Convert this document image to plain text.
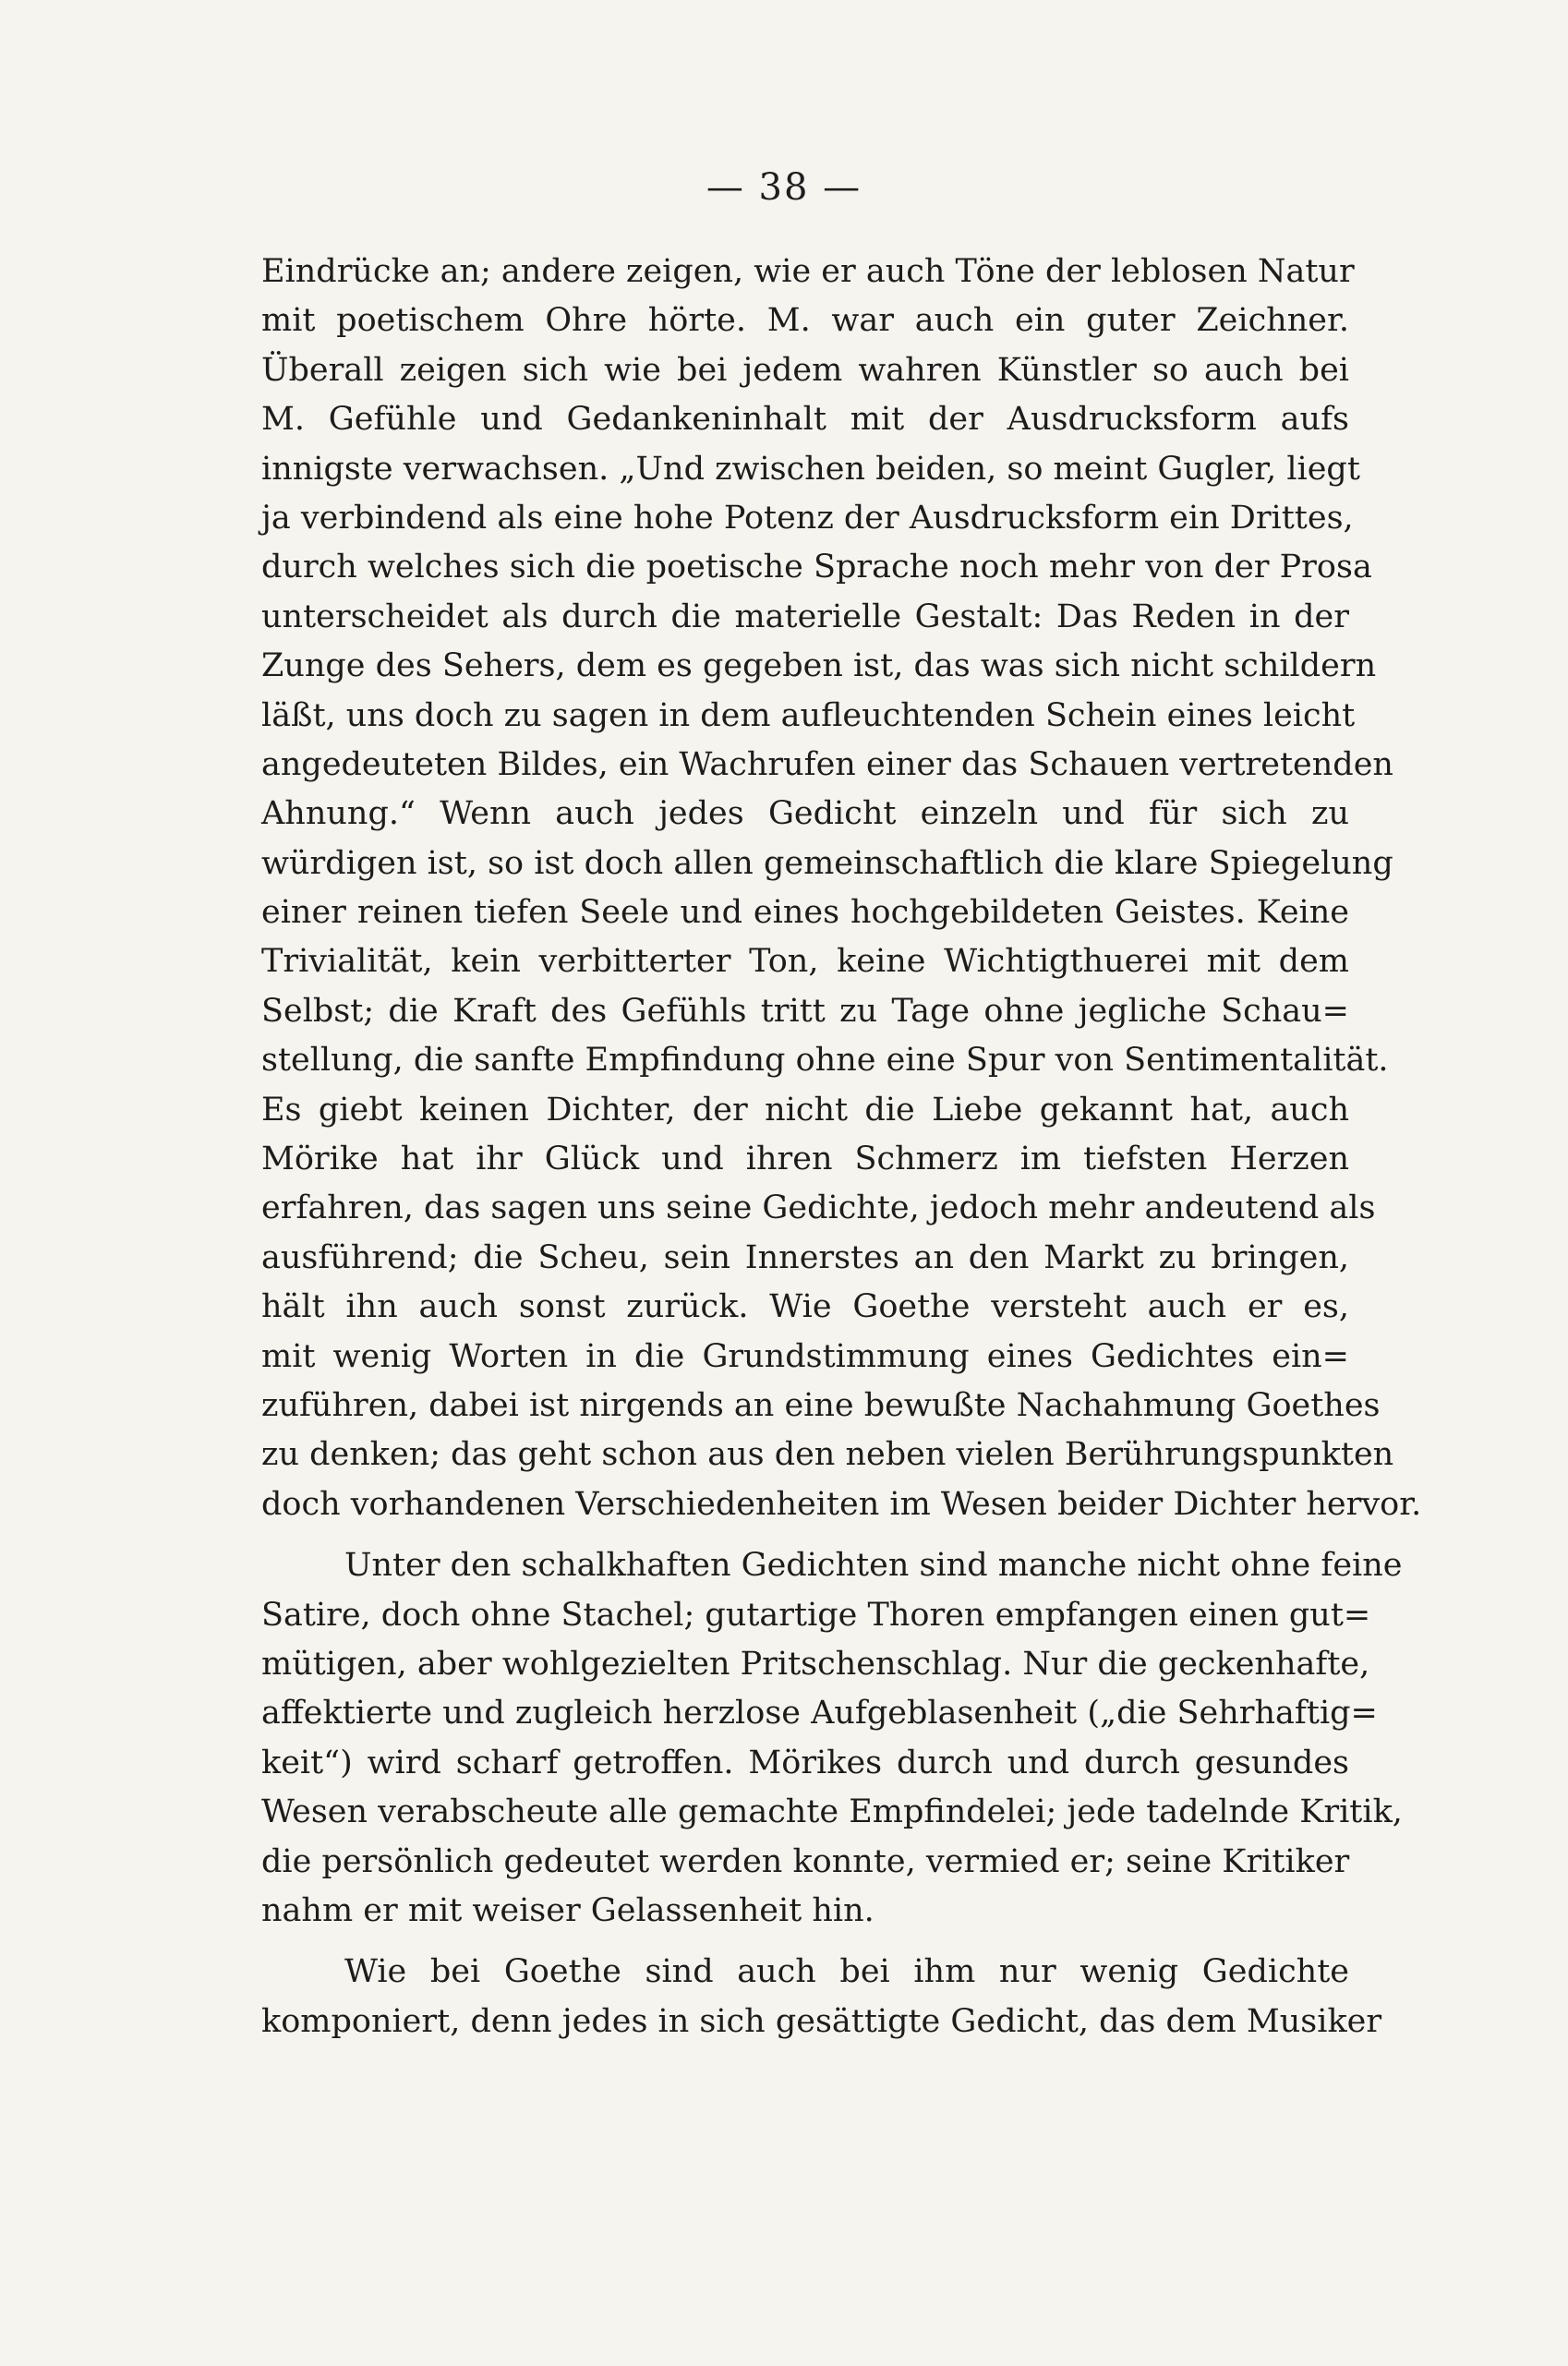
— 38 —
Eindrücke an; andere zeigen, wie er auch Töne der leblosen Natur
mit poetischem Ohre hörte. M. war auch ein guter Zeichner.
Überall zeigen sich wie bei jedem wahren Künstler so auch bei
M. Gefühle und Gedankeninhalt mit der Ausdrucksform aufs
innigste verwachsen. „Und zwischen beiden, so meint Gugler, liegt
ja verbindend als eine hohe Potenz der Ausdrucksform ein Drittes,
durch welches sich die poetische Sprache noch mehr von der Prosa
unterscheidet als durch die materielle Gestalt: Das Reden in der
Zunge des Sehers, dem es gegeben ist, das was sich nicht schildern
läßt, uns doch zu sagen in dem aufleuchtenden Schein eines leicht
angedeuteten Bildes, ein Wachrufen einer das Schauen vertretenden
Ahnung.“ Wenn auch jedes Gedicht einzeln und für sich zu
würdigen ist, so ist doch allen gemeinschaftlich die klare Spiegelung
einer reinen tiefen Seele und eines hochgebildeten Geistes. Keine
Trivialität, kein verbitterter Ton, keine Wichtigthuerei mit dem
Selbst; die Kraft des Gefühls tritt zu Tage ohne jegliche Schau=
stellung, die sanfte Empfindung ohne eine Spur von Sentimentalität.
Es giebt keinen Dichter, der nicht die Liebe gekannt hat, auch
Mörike hat ihr Glück und ihren Schmerz im tiefsten Herzen
erfahren, das sagen uns seine Gedichte, jedoch mehr andeutend als
ausführend; die Scheu, sein Innerstes an den Markt zu bringen,
hält ihn auch sonst zurück. Wie Goethe versteht auch er es,
mit wenig Worten in die Grundstimmung eines Gedichtes ein=
zuführen, dabei ist nirgends an eine bewußte Nachahmung Goethes
zu denken; das geht schon aus den neben vielen Berührungspunkten
doch vorhandenen Verschiedenheiten im Wesen beider Dichter hervor.
Unter den schalkhaften Gedichten sind manche nicht ohne feine
Satire, doch ohne Stachel; gutartige Thoren empfangen einen gut=
mütigen, aber wohlgezielten Pritschenschlag. Nur die geckenhafte,
affektierte und zugleich herzlose Aufgeblasenheit („die Sehrhaftig=
keit“) wird scharf getroffen. Mörikes durch und durch gesundes
Wesen verabscheute alle gemachte Empfindelei; jede tadelnde Kritik,
die persönlich gedeutet werden konnte, vermied er; seine Kritiker
nahm er mit weiser Gelassenheit hin.
Wie bei Goethe sind auch bei ihm nur wenig Gedichte
komponiert, denn jedes in sich gesättigte Gedicht, das dem Musiker
